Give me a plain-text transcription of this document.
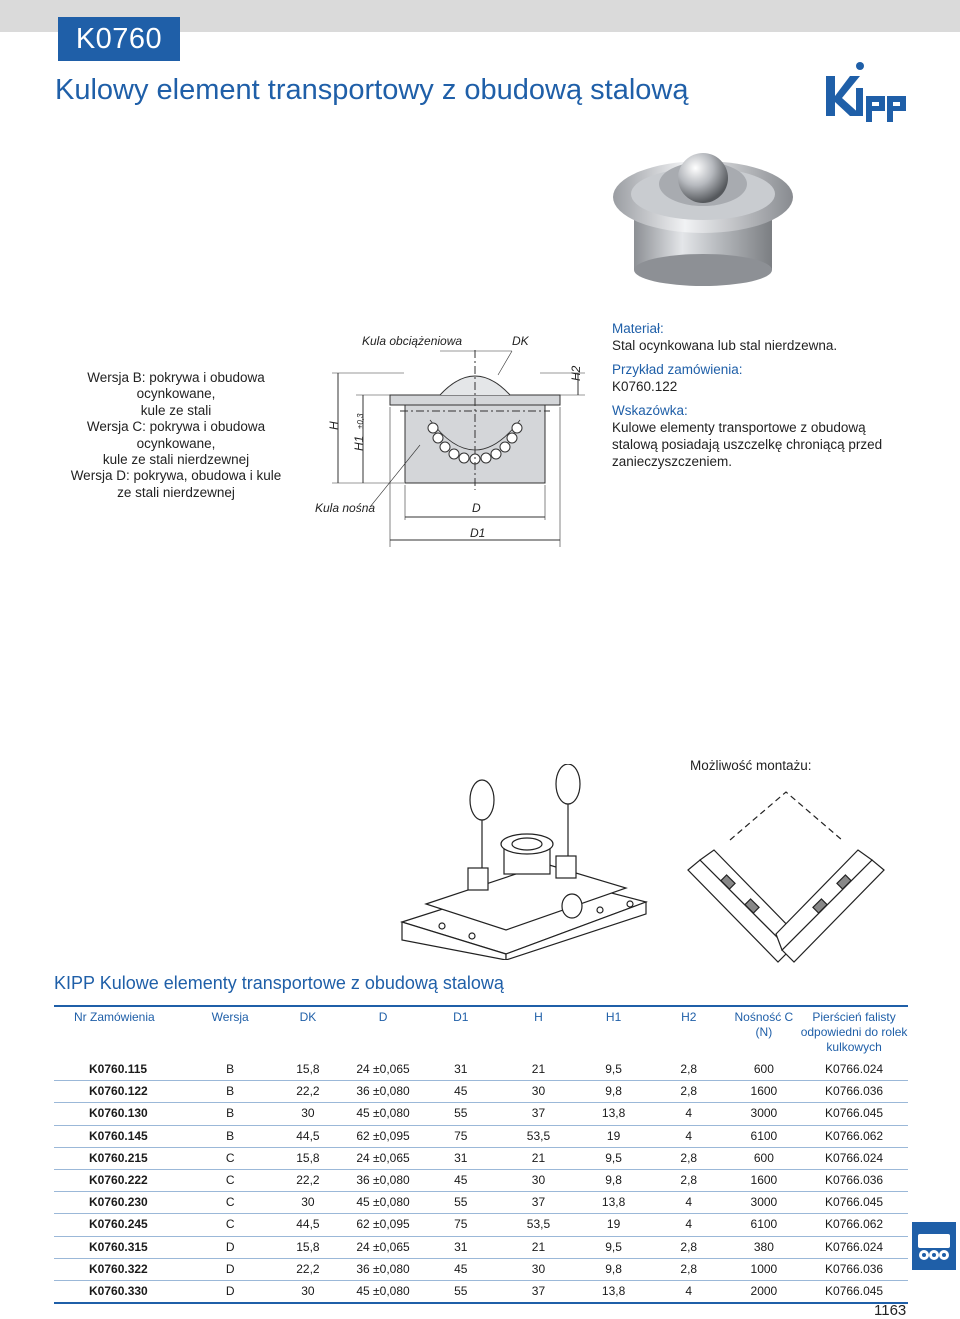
K0760
Kulowy element transportowy z obudową stalową
Wersja B: pokrywa i obudowa ocynkowane,
kule ze stali
Wersja C: pokrywa i obudowa ocynkowane,
kule ze stali nierdzewnej
Wersja D: pokrywa, obudowa i kule
ze stali nierdzewnej
Kula obciążeniowa	DK
H
H1
±0,3
H2
Kula nośna	D
D1
Materiał:
Stal ocynkowana lub stal nierdzewna.
Przykład zamówienia:
K0760.122
Wskazówka:
Kulowe elementy transportowe z obudową stalową posiadają uszczelkę chroniącą przed zanieczyszczeniem.
Możliwość montażu:
KIPP Kulowe elementy transportowe z obudową stalową
Nr Zamówienia	Wersja	DK	D	D1	H	H1	H2	Nośność C (N)	Pierścień falisty odpowiedni do rolek kulkowych
K0760.115	B	15,8	24 ±0,065	31	21	9,5	2,8	600	K0766.024
K0760.122	B	22,2	36 ±0,080	45	30	9,8	2,8	1600	K0766.036
K0760.130	B	30	45 ±0,080	55	37	13,8	4	3000	K0766.045
K0760.145	B	44,5	62 ±0,095	75	53,5	19	4	6100	K0766.062
K0760.215	C	15,8	24 ±0,065	31	21	9,5	2,8	600	K0766.024
K0760.222	C	22,2	36 ±0,080	45	30	9,8	2,8	1600	K0766.036
K0760.230	C	30	45 ±0,080	55	37	13,8	4	3000	K0766.045
K0760.245	C	44,5	62 ±0,095	75	53,5	19	4	6100	K0766.062
K0760.315	D	15,8	24 ±0,065	31	21	9,5	2,8	380	K0766.024
K0760.322	D	22,2	36 ±0,080	45	30	9,8	2,8	1000	K0766.036
K0760.330	D	30	45 ±0,080	55	37	13,8	4	2000	K0766.045
1163
